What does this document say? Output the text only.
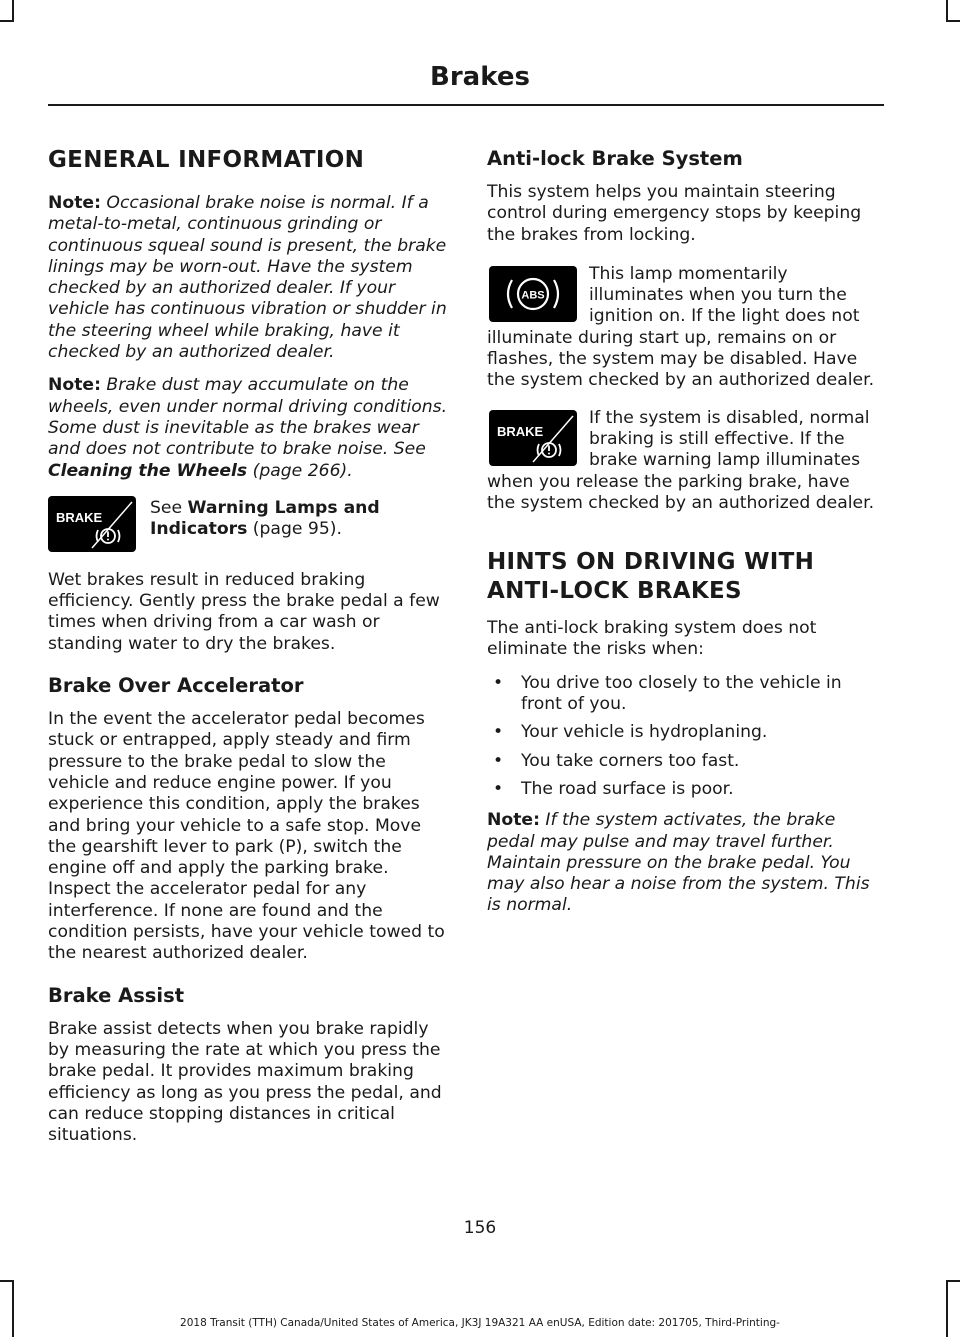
Brakes
GENERAL INFORMATION

Note: Occasional brake noise is normal. If a metal-to-metal, continuous grinding or continuous squeal sound is present, the brake linings may be worn-out. Have the system checked by an authorized dealer. If your vehicle has continuous vibration or shudder in the steering wheel while braking, have it checked by an authorized dealer.

Note: Brake dust may accumulate on the wheels, even under normal driving conditions. Some dust is inevitable as the brakes wear and does not contribute to brake noise. See Cleaning the Wheels (page 266).

BRAKE	See Warning Lamps and Indicators (page 95).

Wet brakes result in reduced braking efficiency. Gently press the brake pedal a few times when driving from a car wash or standing water to dry the brakes.

Brake Over Accelerator

In the event the accelerator pedal becomes stuck or entrapped, apply steady and firm pressure to the brake pedal to slow the vehicle and reduce engine power. If you experience this condition, apply the brakes and bring your vehicle to a safe stop. Move the gearshift lever to park (P), switch the engine off and apply the parking brake. Inspect the accelerator pedal for any interference. If none are found and the condition persists, have your vehicle towed to the nearest authorized dealer.

Brake Assist

Brake assist detects when you brake rapidly by measuring the rate at which you press the brake pedal. It provides maximum braking efficiency as long as you press the pedal, and can reduce stopping distances in critical situations.

Anti-lock Brake System

This system helps you maintain steering control during emergency stops by keeping the brakes from locking.

ABS

This lamp momentarily illuminates when you turn the ignition on. If the light does not illuminate during start up, remains on or flashes, the system may be disabled. Have the system checked by an authorized dealer.

BRAKE

If the system is disabled, normal braking is still effective. If the brake warning lamp illuminates when you release the parking brake, have the system checked by an authorized dealer.

HINTS ON DRIVING WITH
ANTI-LOCK BRAKES

The anti-lock braking system does not eliminate the risks when:

• You drive too closely to the vehicle in front of you.
• Your vehicle is hydroplaning.
• You take corners too fast.
• The road surface is poor.

Note: If the system activates, the brake pedal may pulse and may travel further. Maintain pressure on the brake pedal. You may also hear a noise from the system. This is normal.

156
2018 Transit (TTH) Canada/United States of America, JK3J 19A321 AA enUSA, Edition date: 201705, Third-Printing-
